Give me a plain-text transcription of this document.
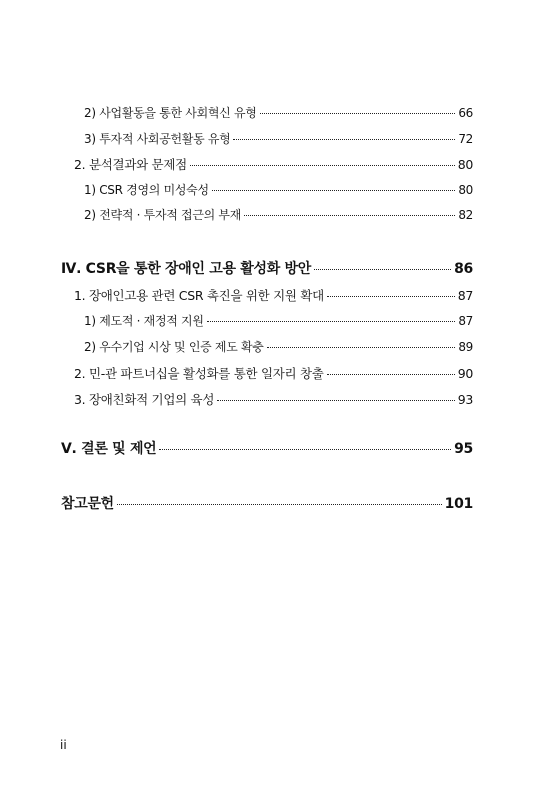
2) 사업활동을 통한 사회혁신 유형	66
3) 투자적 사회공헌활동 유형	72
2. 분석결과와 문제점	80
1) CSR 경영의 미성숙성	80
2) 전략적 · 투자적 접근의 부재	82
Ⅳ. CSR을 통한 장애인 고용 활성화 방안	86
1. 장애인고용 관련 CSR 촉진을 위한 지원 확대	87
1) 제도적 · 재정적 지원	87
2) 우수기업 시상 및 인증 제도 확충	89
2. 민-관 파트너십을 활성화를 통한 일자리 창출	90
3. 장애친화적 기업의 육성	93
Ⅴ. 결론 및 제언	95
참고문헌	101
ii
